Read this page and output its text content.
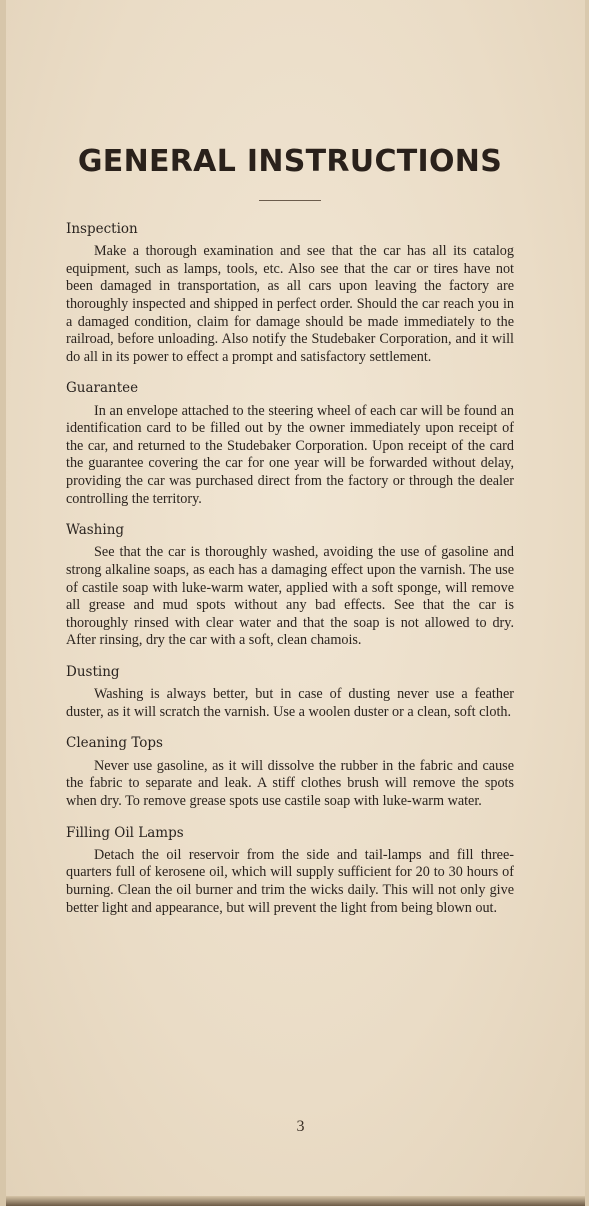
GENERAL INSTRUCTIONS
Inspection

Make a thorough examination and see that the car has all its catalog equipment, such as lamps, tools, etc. Also see that the car or tires have not been damaged in transportation, as all cars upon leaving the factory are thoroughly inspected and shipped in perfect order. Should the car reach you in a damaged condition, claim for damage should be made immediately to the railroad, before unloading. Also notify the Studebaker Corporation, and it will do all in its power to effect a prompt and satisfactory settlement.

Guarantee

In an envelope attached to the steering wheel of each car will be found an identification card to be filled out by the owner immediately upon receipt of the car, and returned to the Studebaker Corporation. Upon receipt of the card the guarantee covering the car for one year will be forwarded without delay, providing the car was purchased direct from the factory or through the dealer controlling the territory.

Washing

See that the car is thoroughly washed, avoiding the use of gasoline and strong alkaline soaps, as each has a damaging effect upon the varnish. The use of castile soap with luke-warm water, applied with a soft sponge, will remove all grease and mud spots without any bad effects. See that the car is thoroughly rinsed with clear water and that the soap is not allowed to dry. After rinsing, dry the car with a soft, clean chamois.

Dusting

Washing is always better, but in case of dusting never use a feather duster, as it will scratch the varnish. Use a woolen duster or a clean, soft cloth.

Cleaning Tops

Never use gasoline, as it will dissolve the rubber in the fabric and cause the fabric to separate and leak. A stiff clothes brush will remove the spots when dry. To remove grease spots use castile soap with luke-warm water.

Filling Oil Lamps

Detach the oil reservoir from the side and tail-lamps and fill three-quarters full of kerosene oil, which will supply sufficient for 20 to 30 hours of burning. Clean the oil burner and trim the wicks daily. This will not only give better light and appearance, but will prevent the light from being blown out.

3
